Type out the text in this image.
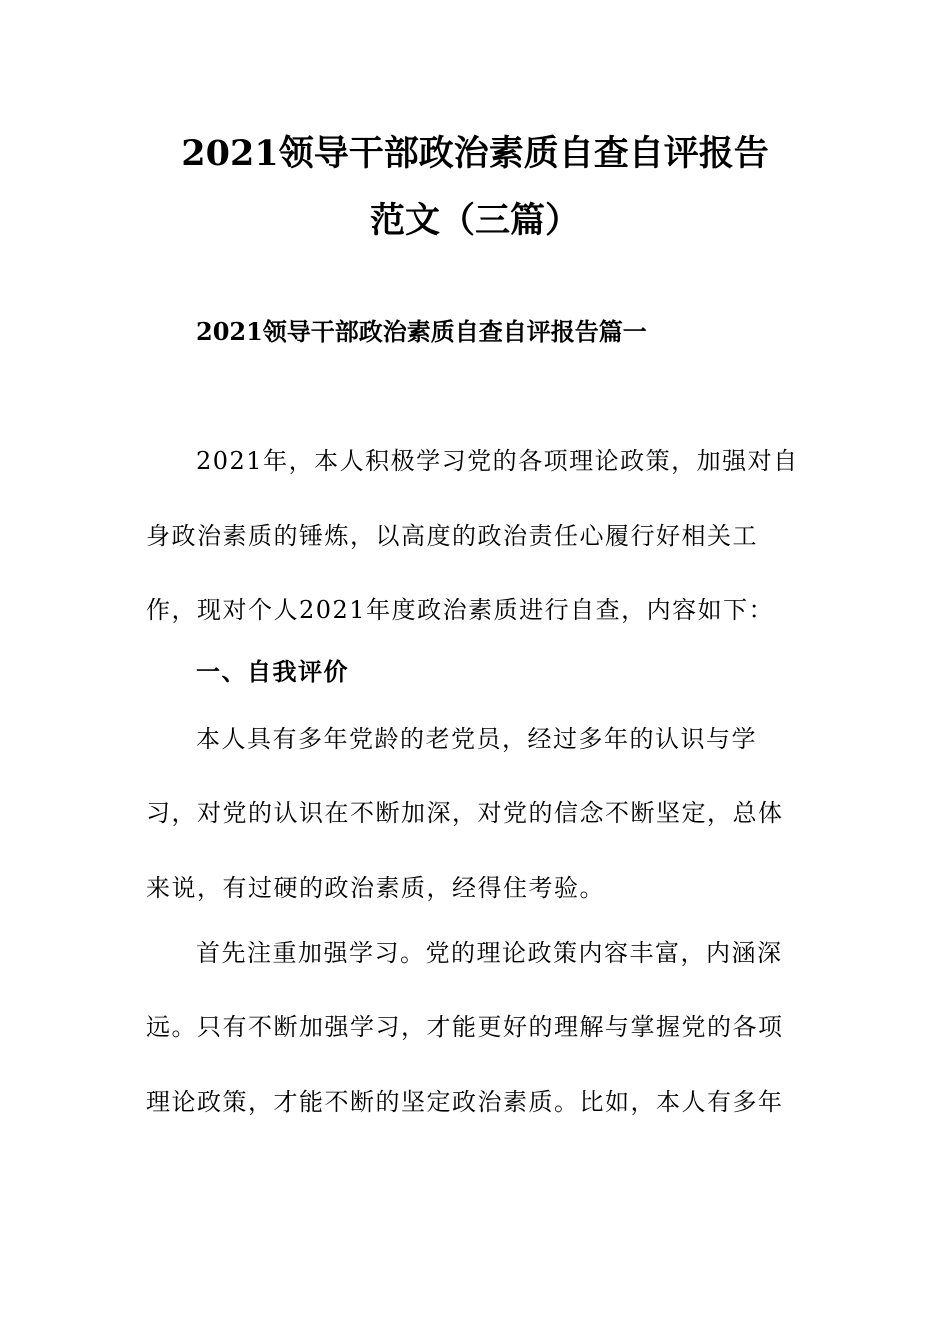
2021领导干部政治素质自查自评报告
范文（三篇）
2021领导干部政治素质自查自评报告篇一
2021年，本人积极学习党的各项理论政策，加强对自
身政治素质的锤炼，以高度的政治责任心履行好相关工
作，现对个人2021年度政治素质进行自查，内容如下：
一、自我评价
本人具有多年党龄的老党员，经过多年的认识与学
习，对党的认识在不断加深，对党的信念不断坚定，总体
来说，有过硬的政治素质，经得住考验。
首先注重加强学习。党的理论政策内容丰富，内涵深
远。只有不断加强学习，才能更好的理解与掌握党的各项
理论政策，才能不断的坚定政治素质。比如，本人有多年
